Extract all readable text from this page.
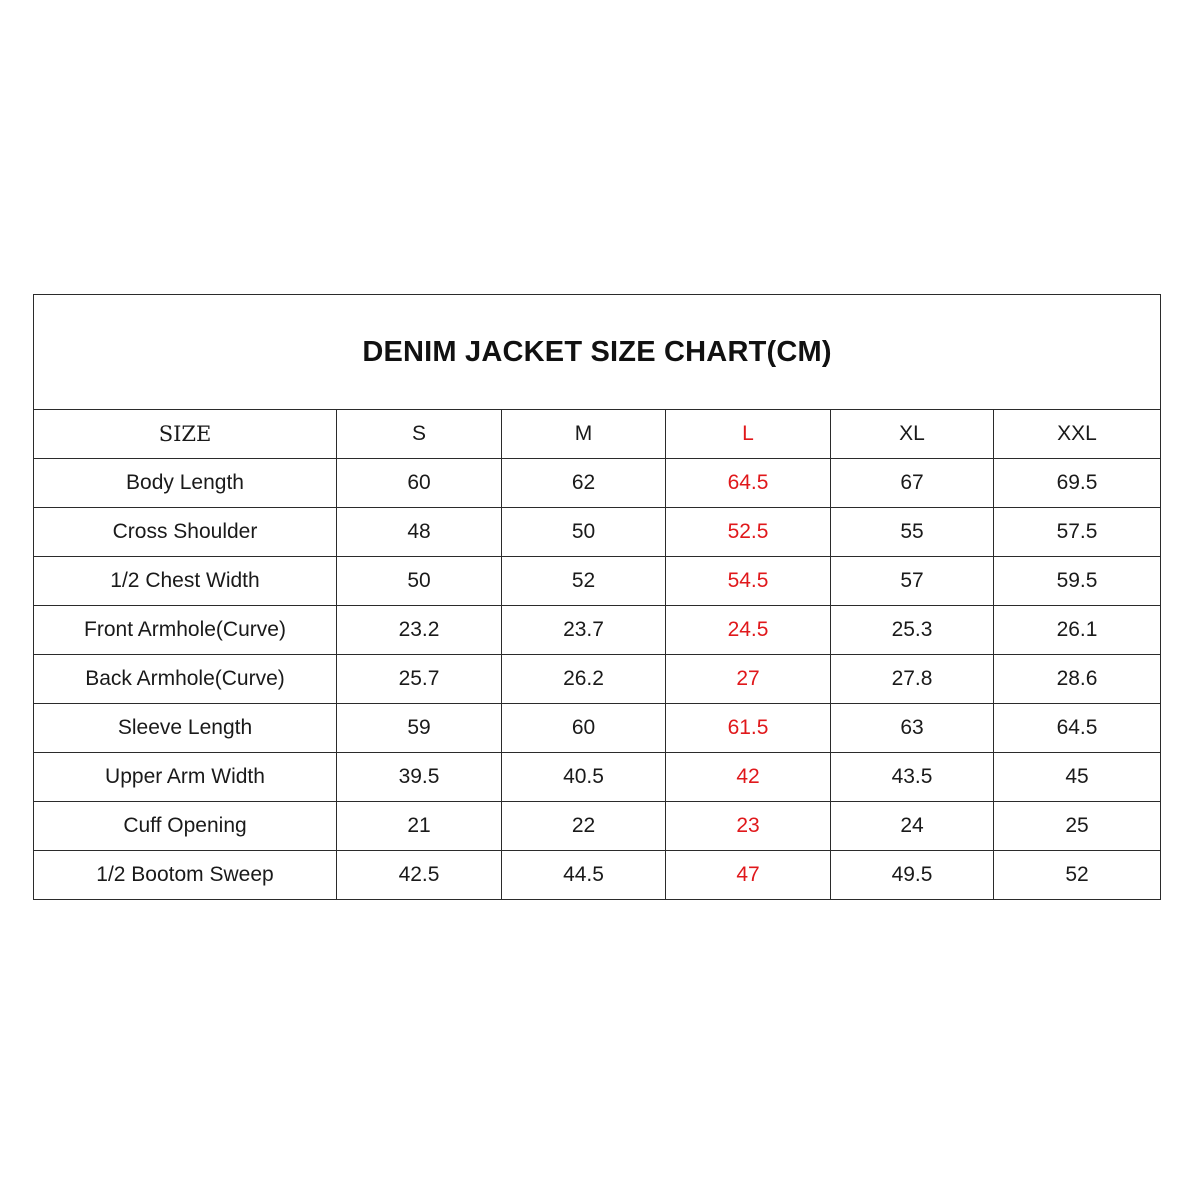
DENIM JACKET SIZE CHART(CM)					
SIZE	S	M	L	XL	XXL
Body Length	60	62	64.5	67	69.5
Cross Shoulder	48	50	52.5	55	57.5
1/2 Chest Width	50	52	54.5	57	59.5
Front Armhole(Curve)	23.2	23.7	24.5	25.3	26.1
Back Armhole(Curve)	25.7	26.2	27	27.8	28.6
Sleeve Length	59	60	61.5	63	64.5
Upper Arm Width	39.5	40.5	42	43.5	45
Cuff Opening	21	22	23	24	25
1/2 Bootom Sweep	42.5	44.5	47	49.5	52
